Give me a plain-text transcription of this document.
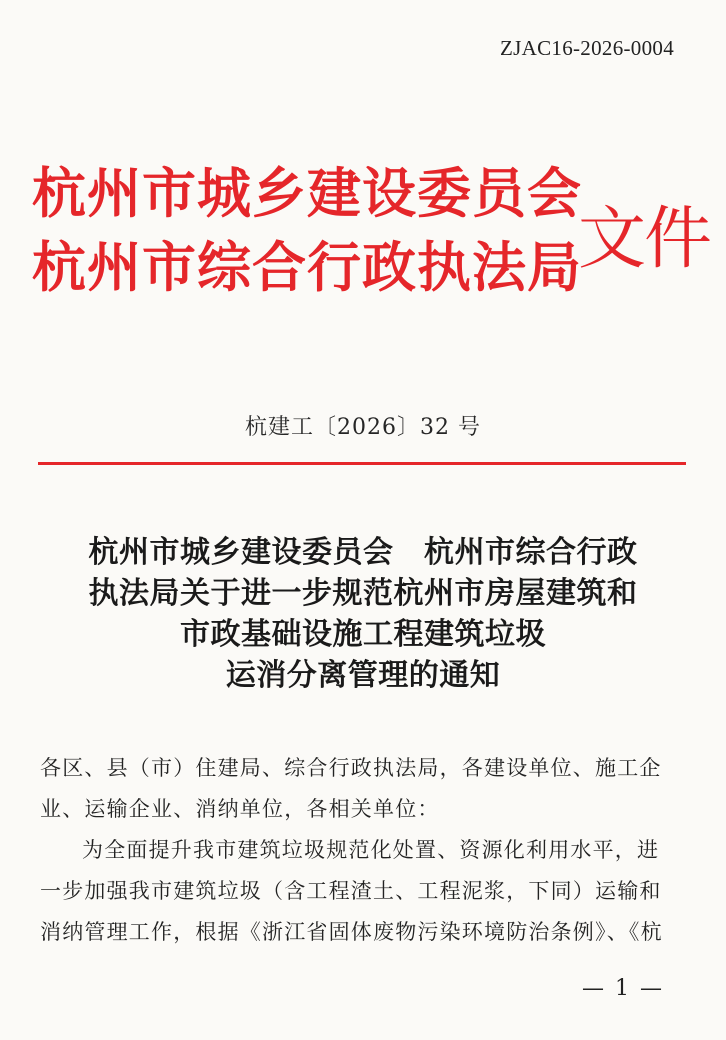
ZJAC16-2026-0004
杭州市城乡建设委员会
杭州市综合行政执法局
文件
杭建工〔2026〕32 号
杭州市城乡建设委员会　杭州市综合行政
执法局关于进一步规范杭州市房屋建筑和
市政基础设施工程建筑垃圾
运消分离管理的通知
各区、县（市）住建局、综合行政执法局，各建设单位、施工企
业、运输企业、消纳单位，各相关单位：
为全面提升我市建筑垃圾规范化处置、资源化利用水平，进
一步加强我市建筑垃圾（含工程渣土、工程泥浆，下同）运输和
消纳管理工作，根据《浙江省固体废物污染环境防治条例》、《杭
— 1 —
